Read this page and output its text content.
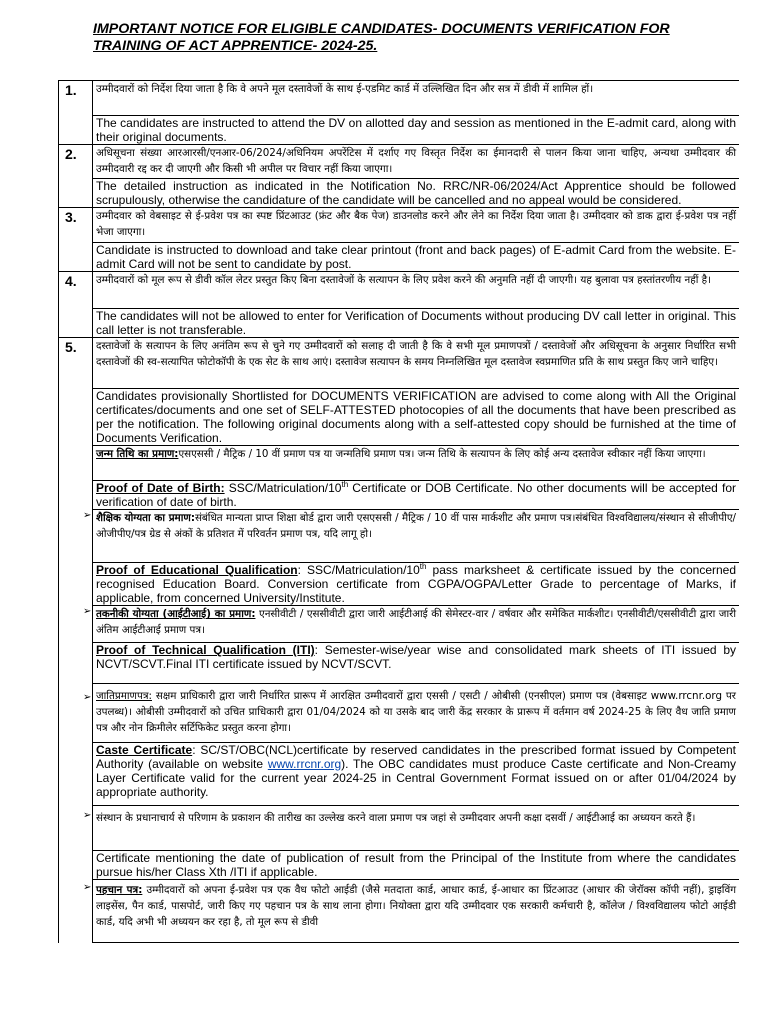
IMPORTANT NOTICE FOR ELIGIBLE CANDIDATES- DOCUMENTS VERIFICATION FOR TRAINING OF ACT APPRENTICE- 2024-25.

1.	उम्मीदवारों को निर्देश दिया जाता है कि वे अपने मूल दस्तावेजों के साथ ई-एडमिट कार्ड में उल्लिखित दिन और सत्र में डीवी में शामिल हों।
	The candidates are instructed to attend the DV on allotted day and session as mentioned in the E-admit card, along with their original documents.
2.	अधिसूचना संख्या आरआरसी/एनआर-06/2024/अधिनियम अपरेंटिस में दर्शाए गए विस्तृत निर्देश का ईमानदारी से पालन किया जाना चाहिए, अन्यथा उम्मीदवार की उम्मीदवारी रद्द कर दी जाएगी और किसी भी अपील पर विचार नहीं किया जाएगा।
	The detailed instruction as indicated in the Notification No. RRC/NR-06/2024/Act Apprentice should be followed scrupulously, otherwise the candidature of the candidate will be cancelled and no appeal would be considered.
3.	उम्मीदवार को वेबसाइट से ई-प्रवेश पत्र का स्पष्ट प्रिंटआउट (फ्रंट और बैक पेज) डाउनलोड करने और लेने का निर्देश दिया जाता है। उम्मीदवार को डाक द्वारा ई-प्रवेश पत्र नहीं भेजा जाएगा।
	Candidate is instructed to download and take clear printout (front and back pages) of E-admit Card from the website. E-admit Card will not be sent to candidate by post.
4.	उम्मीदवारों को मूल रूप से डीवी कॉल लेटर प्रस्तुत किए बिना दस्तावेजों के सत्यापन के लिए प्रवेश करने की अनुमति नहीं दी जाएगी। यह बुलावा पत्र हस्तांतरणीय नहीं है।
	The candidates will not be allowed to enter for Verification of Documents without producing DV call letter in original. This call letter is not transferable.
5.	दस्तावेजों के सत्यापन के लिए अनंतिम रूप से चुने गए उम्मीदवारों को सलाह दी जाती है कि वे सभी मूल प्रमाणपत्रों / दस्तावेजों और अधिसूचना के अनुसार निर्धारित सभी दस्तावेजों की स्व-सत्यापित फोटोकॉपी के एक सेट के साथ आएं। दस्तावेज सत्यापन के समय निम्नलिखित मूल दस्तावेज स्वप्रमाणित प्रति के साथ प्रस्तुत किए जाने चाहिए।
	Candidates provisionally Shortlisted for DOCUMENTS VERIFICATION are advised to come along with All the Original certificates/documents and one set of SELF-ATTESTED photocopies of all the documents that have been prescribed as per the notification. The following original documents along with a self-attested copy should be furnished at the time of Documents Verification.
	जन्म तिथि का प्रमाण:एसएससी / मैट्रिक / 10 वीं प्रमाण पत्र या जन्मतिथि प्रमाण पत्र। जन्म तिथि के सत्यापन के लिए कोई अन्य दस्तावेज स्वीकार नहीं किया जाएगा।
	Proof of Date of Birth: SSC/Matriculation/10th Certificate or DOB Certificate. No other documents will be accepted for verification of date of birth.

➢	शैक्षिक योग्यता का प्रमाण:संबंधित मान्यता प्राप्त शिक्षा बोर्ड द्वारा जारी एसएससी / मैट्रिक / 10 वीं पास मार्कशीट और प्रमाण पत्र।संबंधित विश्वविद्यालय/संस्थान से सीजीपीए/ओजीपीए/पत्र ग्रेड से अंकों के प्रतिशत में परिवर्तन प्रमाण पत्र, यदि लागू हो।
	Proof of Educational Qualification: SSC/Matriculation/10th pass marksheet & certificate issued by the concerned recognised Education Board. Conversion certificate from CGPA/OGPA/Letter Grade to percentage of Marks, if applicable, from concerned University/Institute.

➢	तकनीकी योग्यता (आईटीआई) का प्रमाण: एनसीवीटी / एससीवीटी द्वारा जारी आईटीआई की सेमेस्टर-वार / वर्षवार और समेकित मार्कशीट। एनसीवीटी/एससीवीटी द्वारा जारी अंतिम आईटीआई प्रमाण पत्र।
	Proof of Technical Qualification (ITI): Semester-wise/year wise and consolidated mark sheets of ITI issued by NCVT/SCVT.Final ITI certificate issued by NCVT/SCVT.

➢	जातिप्रमाणपत्र: सक्षम प्राधिकारी द्वारा जारी निर्धारित प्रारूप में आरक्षित उम्मीदवारों द्वारा एससी / एसटी / ओबीसी (एनसीएल) प्रमाण पत्र (वेबसाइट www.rrcnr.org पर उपलब्ध)। ओबीसी उम्मीदवारों को उचित प्राधिकारी द्वारा 01/04/2024 को या उसके बाद जारी केंद्र सरकार के प्रारूप में वर्तमान वर्ष 2024-25 के लिए वैध जाति प्रमाण पत्र और नोन क्रिमीलेर सर्टिफिकेट प्रस्तुत करना होगा।
	Caste Certificate: SC/ST/OBC(NCL)certificate by reserved candidates in the prescribed format issued by Competent Authority (available on website www.rrcnr.org). The OBC candidates must produce Caste certificate and Non-Creamy Layer Certificate valid for the current year 2024-25 in Central Government Format issued on or after 01/04/2024 by appropriate authority.

➢	संस्थान के प्रधानाचार्य से परिणाम के प्रकाशन की तारीख का उल्लेख करने वाला प्रमाण पत्र जहां से उम्मीदवार अपनी कक्षा दसवीं / आईटीआई का अध्ययन करते हैं।
	Certificate mentioning the date of publication of result from the Principal of the Institute from where the candidates pursue his/her Class Xth /ITI if applicable.

➢	पहचान पत्र: उम्मीदवारों को अपना ई-प्रवेश पत्र एक वैध फोटो आईडी (जैसे मतदाता कार्ड, आधार कार्ड, ई-आधार का प्रिंटआउट (आधार की जेरॉक्स कॉपी नहीं), ड्राइविंग लाइसेंस, पैन कार्ड, पासपोर्ट, जारी किए गए पहचान पत्र के साथ लाना होगा। नियोक्ता द्वारा यदि उम्मीदवार एक सरकारी कर्मचारी है, कॉलेज / विश्वविद्यालय फोटो आईडी कार्ड, यदि अभी भी अध्ययन कर रहा है, तो मूल रूप से डीवी
